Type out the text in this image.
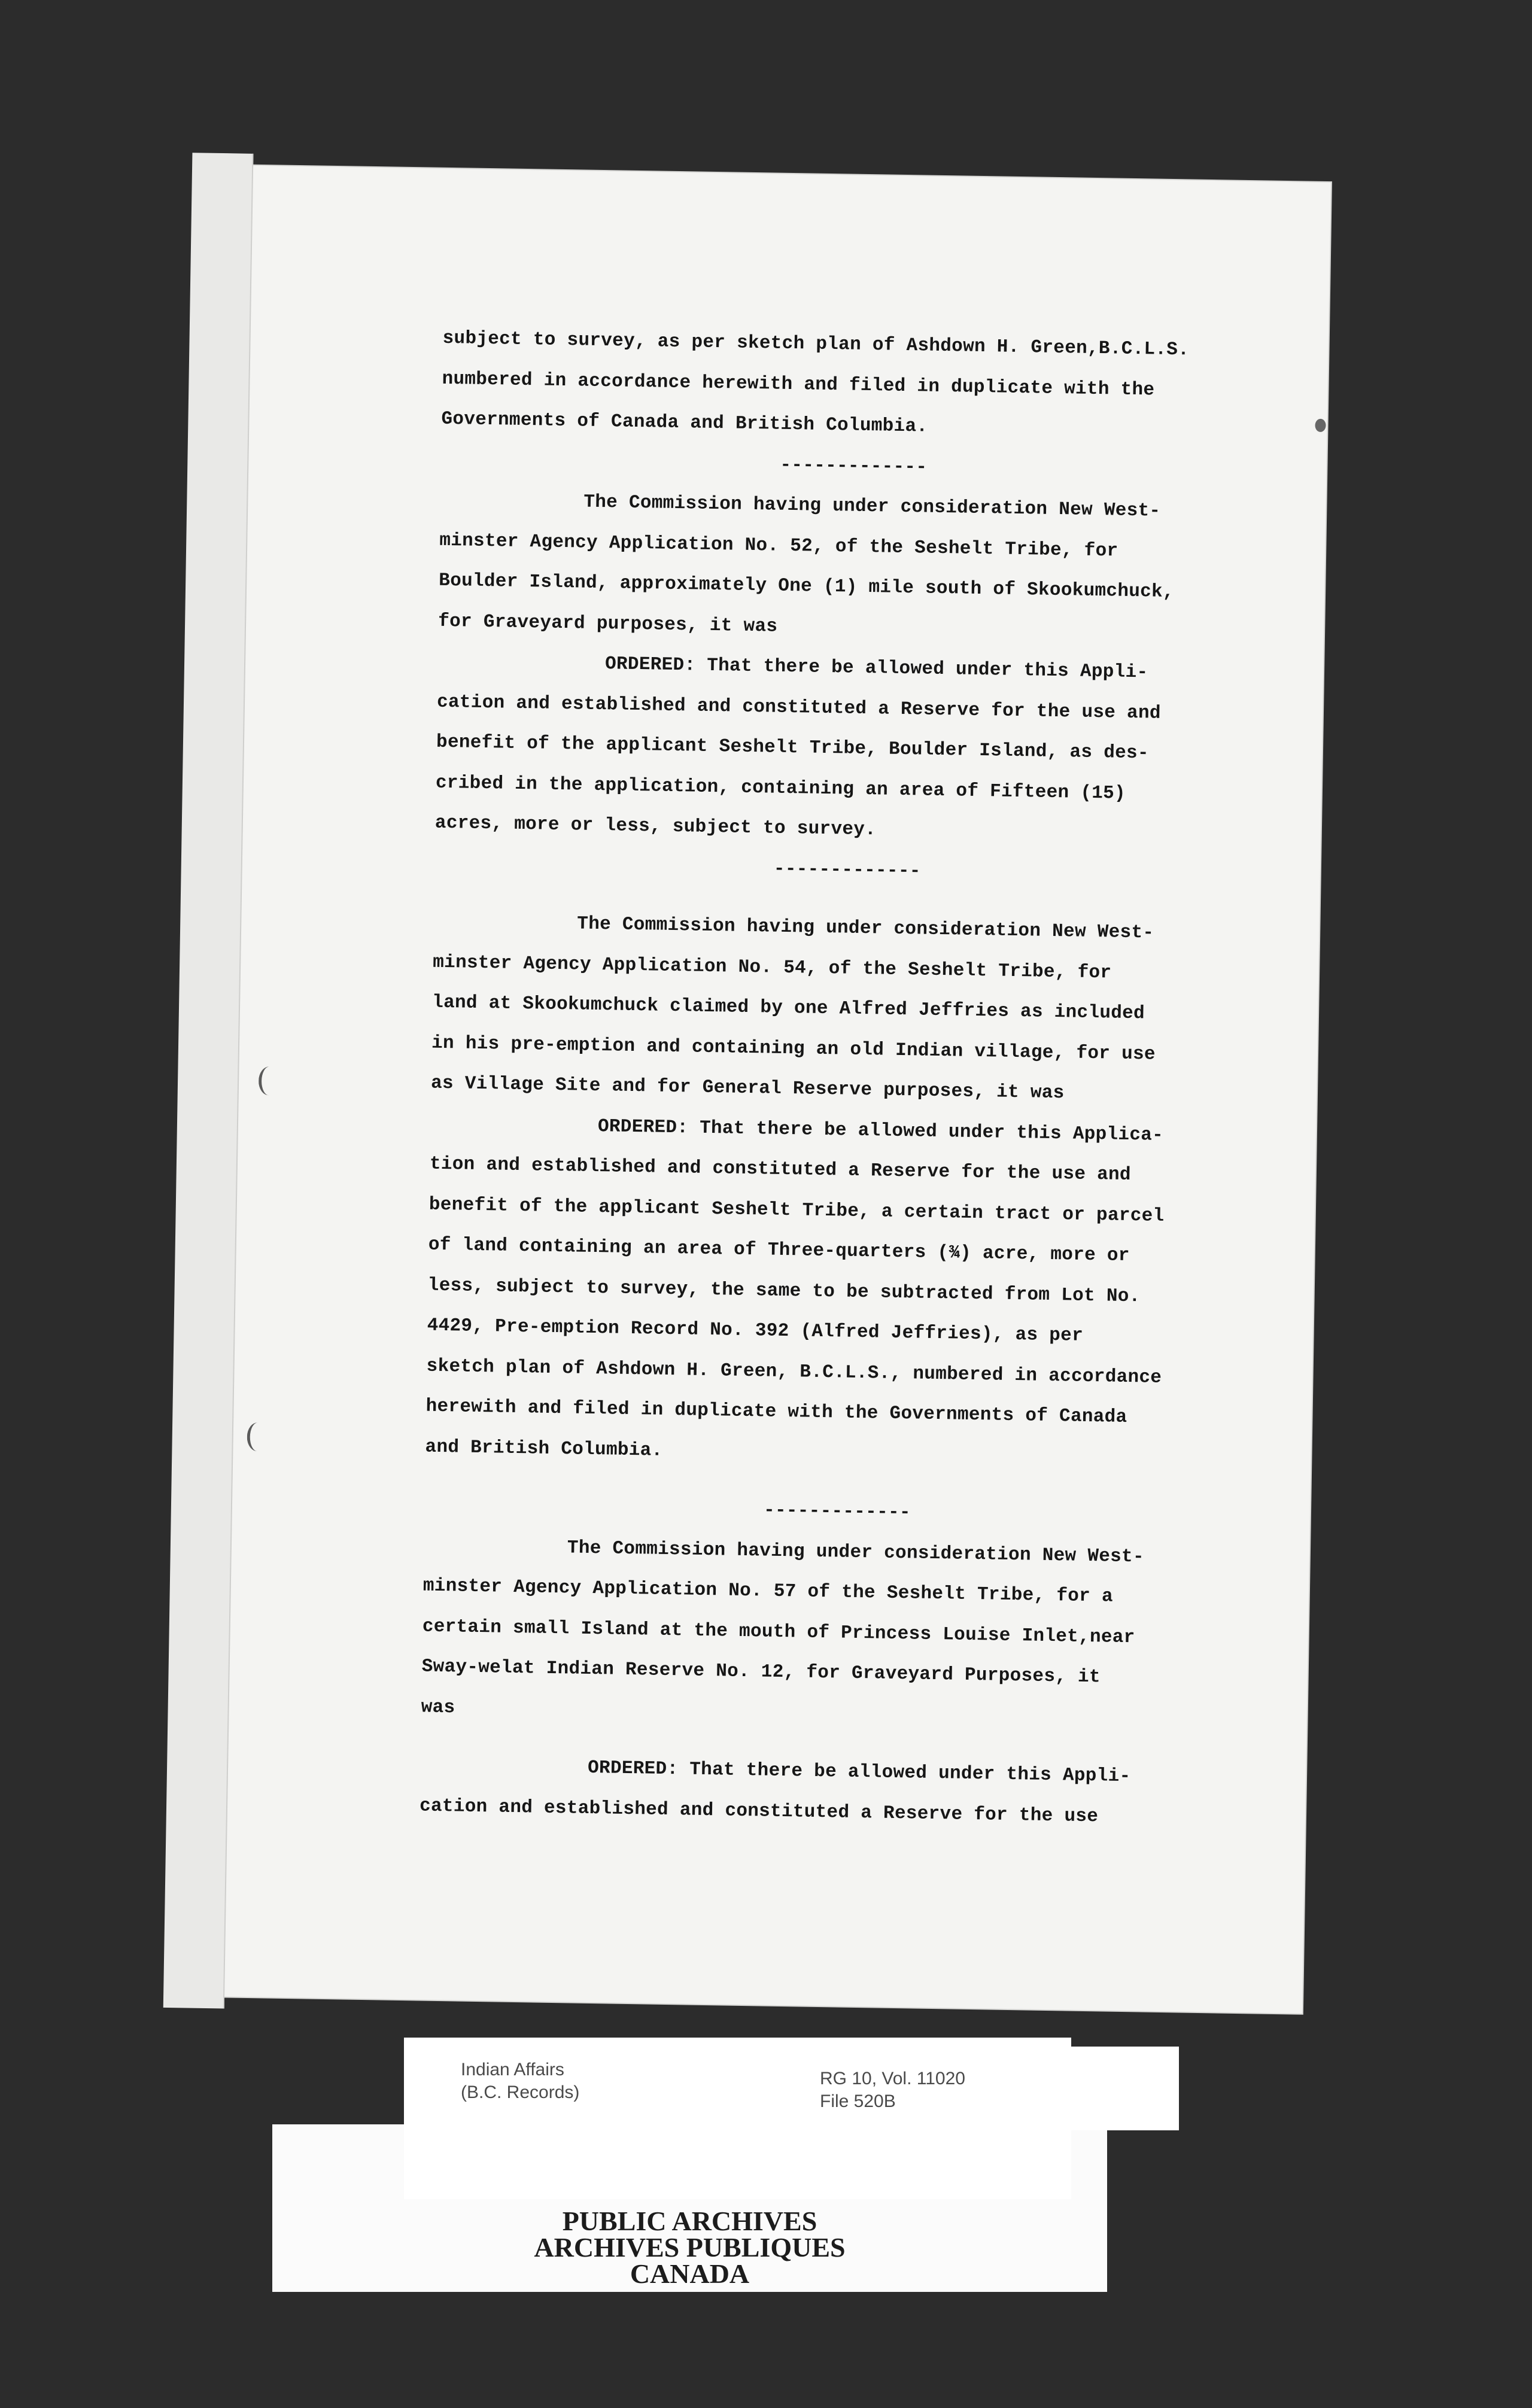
subject to survey, as per sketch plan of Ashdown H. Green,B.C.L.S.

numbered in accordance herewith and filed in duplicate with the

Governments of Canada and British Columbia.

-------------

The Commission having under consideration New West-

minster Agency Application No. 52, of the Seshelt Tribe, for

Boulder Island, approximately One (1) mile south of Skookumchuck,

for Graveyard purposes, it was

ORDERED: That there be allowed under this Appli-

cation and established and constituted a Reserve for the use and

benefit of the applicant Seshelt Tribe, Boulder Island, as des-

cribed in the application, containing an area of Fifteen (15)

acres, more or less, subject to survey.

-------------

The Commission having under consideration New West-

minster Agency Application No. 54, of the Seshelt Tribe, for

land at Skookumchuck claimed by one Alfred Jeffries as included

in his pre-emption and containing an old Indian village, for use

as Village Site and for General Reserve purposes, it was

ORDERED: That there be allowed under this Applica-

tion and established and constituted a Reserve for the use and

benefit of the applicant Seshelt Tribe, a certain tract or parcel

of land containing an area of Three-quarters (¾) acre, more or

less, subject to survey, the same to be subtracted from Lot No.

4429, Pre-emption Record No. 392 (Alfred Jeffries), as per

sketch plan of Ashdown H. Green, B.C.L.S., numbered in accordance

herewith and filed in duplicate with the Governments of Canada

and British Columbia.

-------------

The Commission having under consideration New West-

minster Agency Application No. 57 of the Seshelt Tribe, for a

certain small Island at the mouth of Princess Louise Inlet,near

Sway-welat Indian Reserve No. 12, for Graveyard Purposes, it

was

ORDERED: That there be allowed under this Appli-

cation and established and constituted a Reserve for the use

Indian Affairs
(B.C. Records)
RG 10, Vol. 11020
File 520B
PUBLIC ARCHIVES
ARCHIVES PUBLIQUES
CANADA
